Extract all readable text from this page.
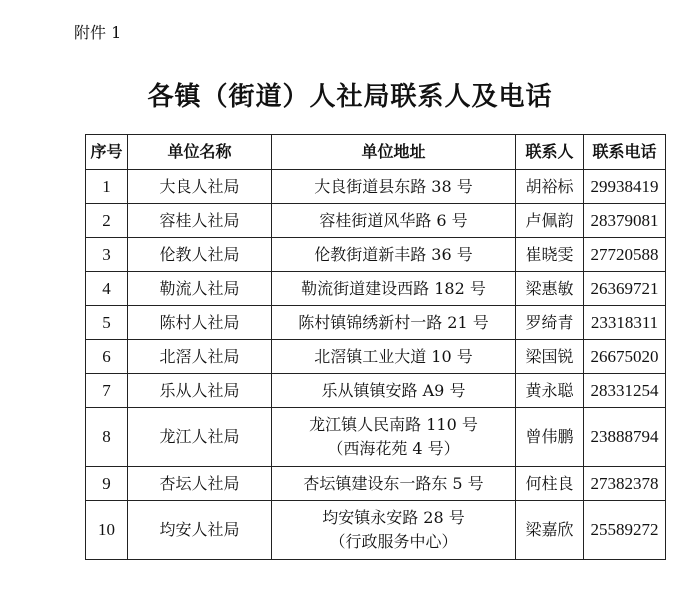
附件 1
各镇（街道）人社局联系人及电话
序号	单位名称	单位地址	联系人	联系电话
1	大良人社局	大良街道县东路 38 号	胡裕标	29938419
2	容桂人社局	容桂街道风华路 6 号	卢佩韵	28379081
3	伦教人社局	伦教街道新丰路 36 号	崔晓雯	27720588
4	勒流人社局	勒流街道建设西路 182 号	梁惠敏	26369721
5	陈村人社局	陈村镇锦绣新村一路 21 号	罗绮青	23318311
6	北滘人社局	北滘镇工业大道 10 号	梁国锐	26675020
7	乐从人社局	乐从镇镇安路 A9 号	黄永聪	28331254
8	龙江人社局	龙江镇人民南路 110 号
（西海花苑 4 号）	曾伟鹏	23888794
9	杏坛人社局	杏坛镇建设东一路东 5 号	何柱良	27382378
10	均安人社局	均安镇永安路 28 号
（行政服务中心）	梁嘉欣	25589272
